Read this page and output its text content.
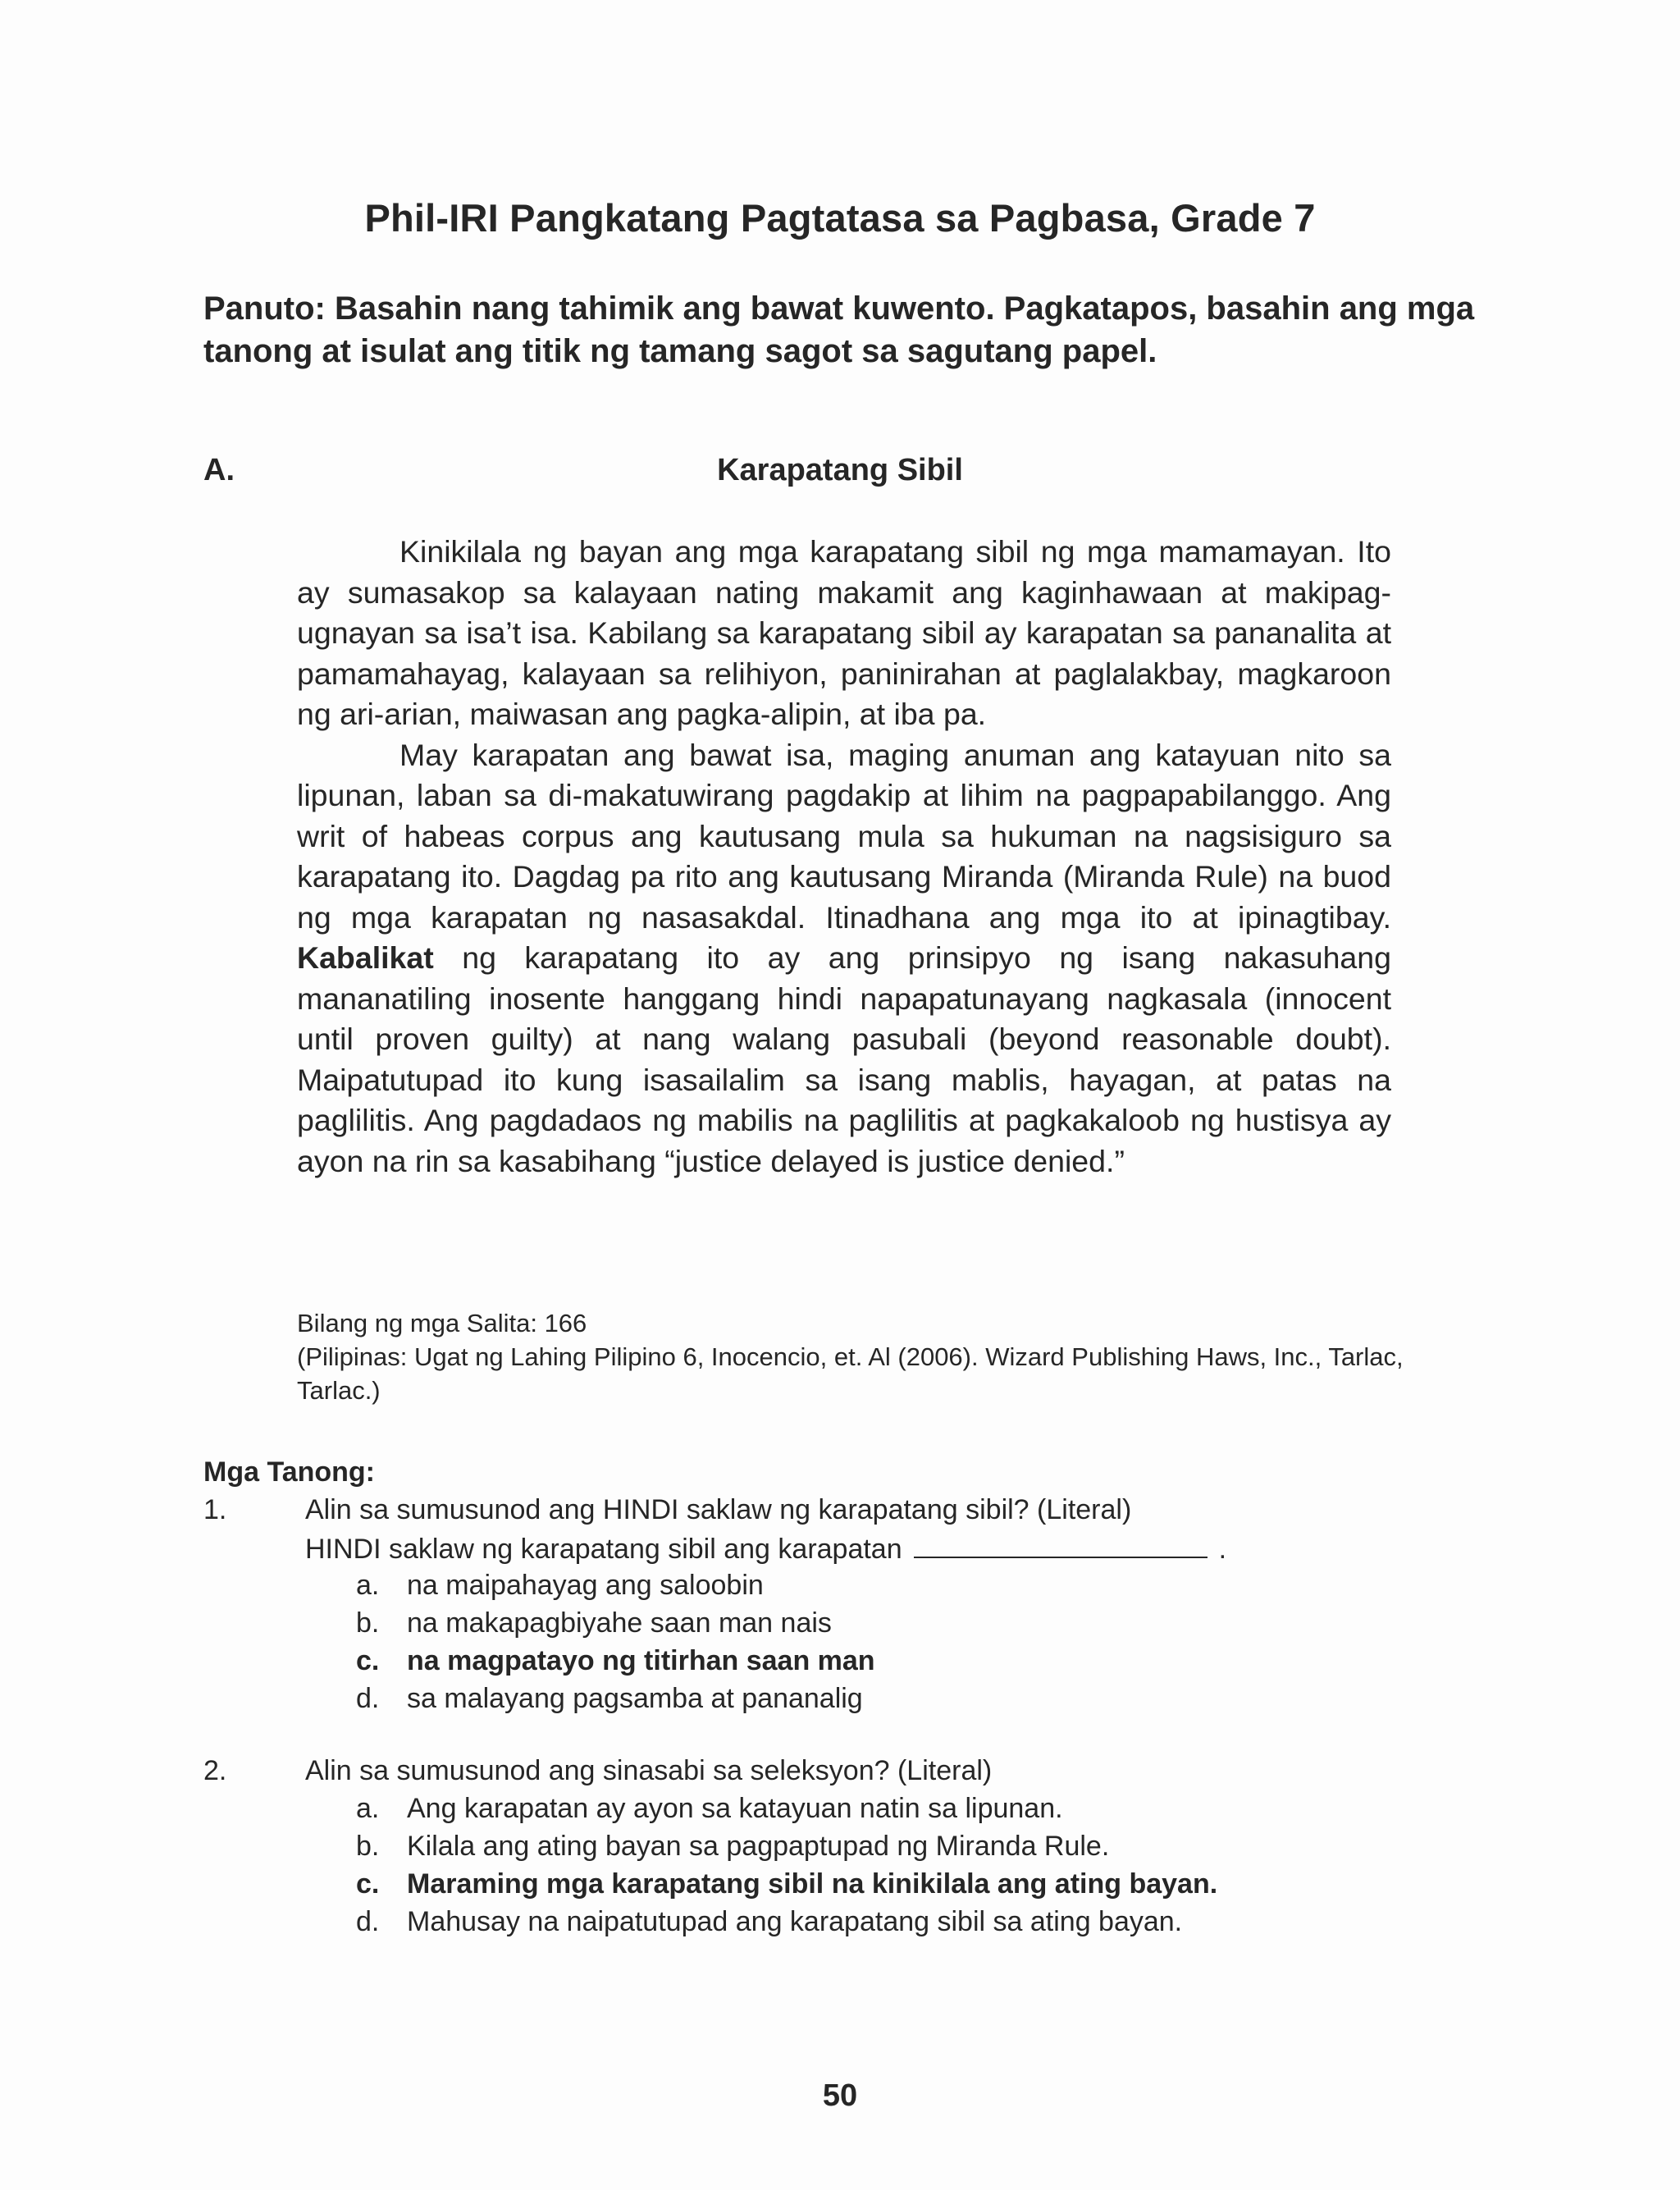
Phil-IRI Pangkatang Pagtatasa sa Pagbasa, Grade 7
Panuto: Basahin nang tahimik ang bawat kuwento. Pagkatapos, basahin ang mga tanong at isulat ang titik ng tamang sagot sa sagutang papel.
A.	Karapatang Sibil

Kinikilala ng bayan ang mga karapatang sibil ng mga mamamayan. Ito ay sumasakop sa kalayaan nating makamit ang kaginhawaan at makipag-ugnayan sa isa’t isa. Kabilang sa karapatang sibil ay karapatan sa pananalita at pamamahayag, kalayaan sa relihiyon, paninirahan at paglalakbay, magkaroon ng ari-arian, maiwasan ang pagka-alipin, at iba pa.

May karapatan ang bawat isa, maging anuman ang katayuan nito sa lipunan, laban sa di-makatuwirang pagdakip at lihim na pagpapabilanggo. Ang writ of habeas corpus ang kautusang mula sa hukuman na nagsisiguro sa karapatang ito. Dagdag pa rito ang kautusang Miranda (Miranda Rule) na buod ng mga karapatan ng nasasakdal. Itinadhana ang mga ito at ipinagtibay. Kabalikat ng karapatang ito ay ang prinsipyo ng isang nakasuhang mananatiling inosente hanggang hindi napapatunayang nagkasala (innocent until proven guilty) at nang walang pasubali (beyond reasonable doubt). Maipatutupad ito kung isasailalim sa isang mablis, hayagan, at patas na paglilitis. Ang pagdadaos ng mabilis na paglilitis at pagkakaloob ng hustisya ay ayon na rin sa kasabihang “justice delayed is justice denied.”

Bilang ng mga Salita: 166
(Pilipinas: Ugat ng Lahing Pilipino 6, Inocencio, et. Al (2006). Wizard Publishing Haws, Inc., Tarlac, Tarlac.)
Mga Tanong:
1.	Alin sa sumusunod ang HINDI saklaw ng karapatang sibil? (Literal)
HINDI saklaw ng karapatang sibil ang karapatan	.
a. na maipahayag ang saloobin
b. na makapagbiyahe saan man nais
c. na magpatayo ng titirhan saan man
d. sa malayang pagsamba at pananalig
2.	Alin sa sumusunod ang sinasabi sa seleksyon? (Literal)
a. Ang karapatan ay ayon sa katayuan natin sa lipunan.
b. Kilala ang ating bayan sa pagpaptupad ng Miranda Rule.
c. Maraming mga karapatang sibil na kinikilala ang ating bayan.
d. Mahusay na naipatutupad ang karapatang sibil sa ating bayan.
50
